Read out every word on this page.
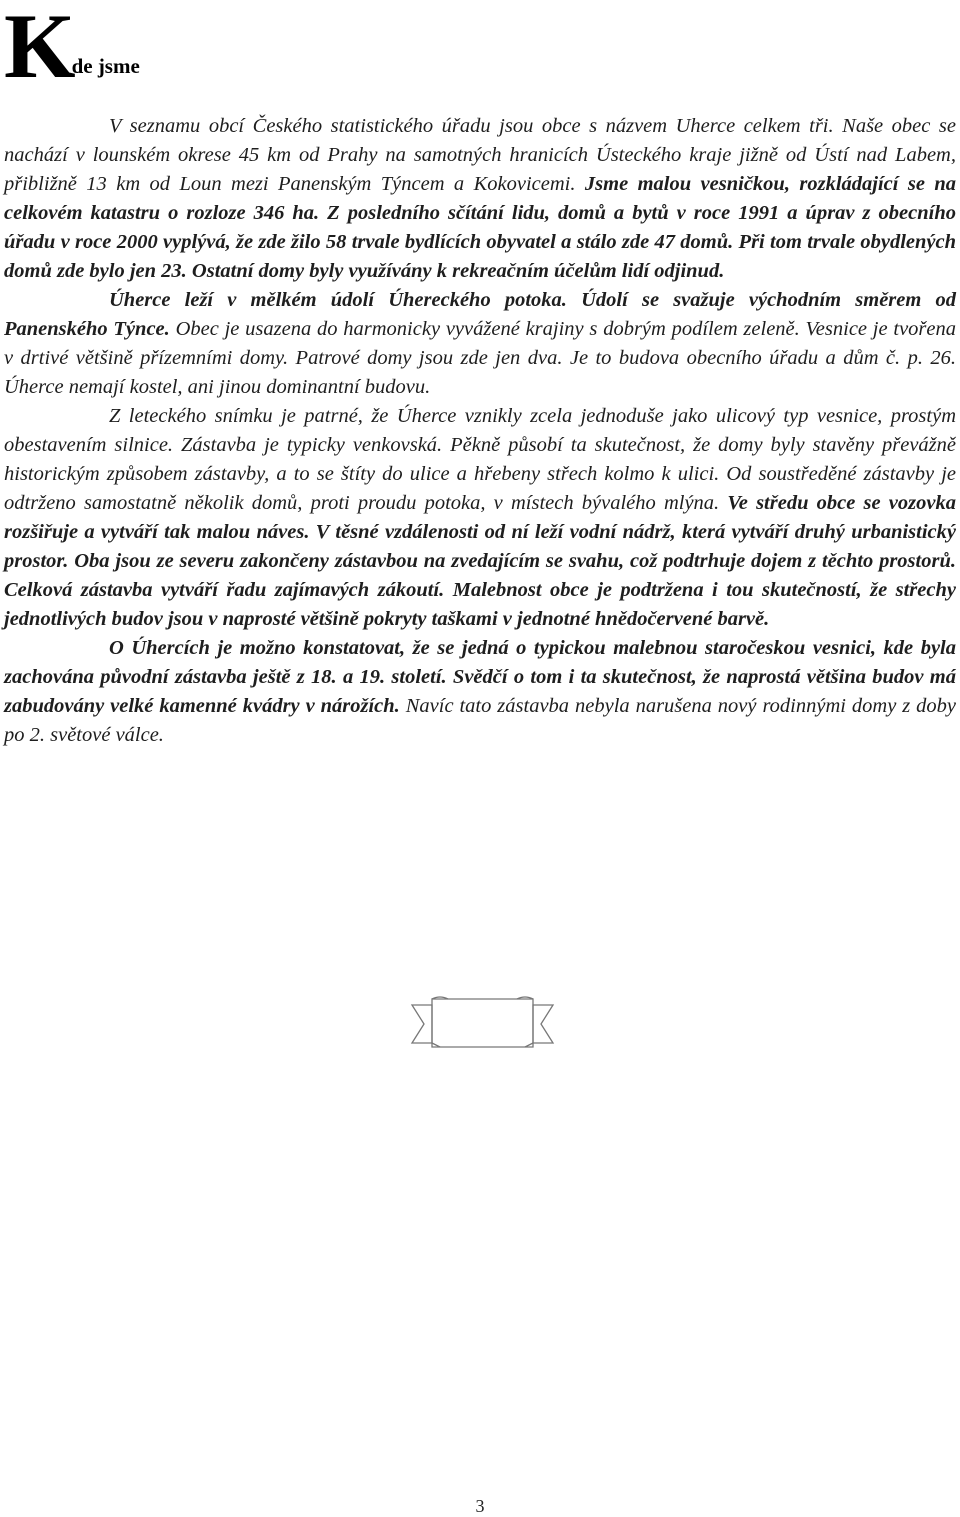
Kde jsme

V seznamu obcí Českého statistického úřadu jsou obce s názvem Uherce celkem tři. Naše obec se nachází v lounském okrese 45 km od Prahy na samotných hranicích Ústeckého kraje jižně od Ústí nad Labem, přibližně 13 km od Loun mezi Panenským Týncem a Kokovicemi. Jsme malou vesničkou, rozkládající se na celkovém katastru o rozloze 346 ha. Z posledního sčítání lidu, domů a bytů v roce 1991 a úprav z obecního úřadu v roce 2000 vyplývá, že zde žilo 58 trvale bydlících obyvatel a stálo zde 47 domů. Při tom trvale obydlených domů zde bylo jen 23. Ostatní domy byly využívány k rekreačním účelům lidí odjinud.

Úherce leží v mělkém údolí Úhereckého potoka. Údolí se svažuje východním směrem od Panenského Týnce. Obec je usazena do harmonicky vyvážené krajiny s dobrým podílem zeleně. Vesnice je tvořena v drtivé většině přízemními domy. Patrové domy jsou zde jen dva. Je to budova obecního úřadu a dům č. p. 26. Úherce nemají kostel, ani jinou dominantní budovu.

Z leteckého snímku je patrné, že Úherce vznikly zcela jednoduše jako ulicový typ vesnice, prostým obestavením silnice. Zástavba je typicky venkovská. Pěkně působí ta skutečnost, že domy byly stavěny převážně historickým způsobem zástavby, a to se štíty do ulice a hřebeny střech kolmo k ulici. Od soustředěné zástavby je odtrženo samostatně několik domů, proti proudu potoka, v místech bývalého mlýna. Ve středu obce se vozovka rozšiřuje a vytváří tak malou náves. V těsné vzdálenosti od ní leží vodní nádrž, která vytváří druhý urbanistický prostor. Oba jsou ze severu zakončeny zástavbou na zvedajícím se svahu, což podtrhuje dojem z těchto prostorů. Celková zástavba vytváří řadu zajímavých zákoutí. Malebnost obce je podtržena i tou skutečností, že střechy jednotlivých budov jsou v naprosté většině pokryty taškami v jednotné hnědočervené barvě.

O Úhercích je možno konstatovat, že se jedná o typickou malebnou staročeskou vesnici, kde byla zachována původní zástavba ještě z 18. a 19. století. Svědčí o tom i ta skutečnost, že naprostá většina budov má zabudovány velké kamenné kvádry v nárožích. Navíc tato zástavba nebyla narušena nový rodinnými domy z doby po 2. světové válce.

3
